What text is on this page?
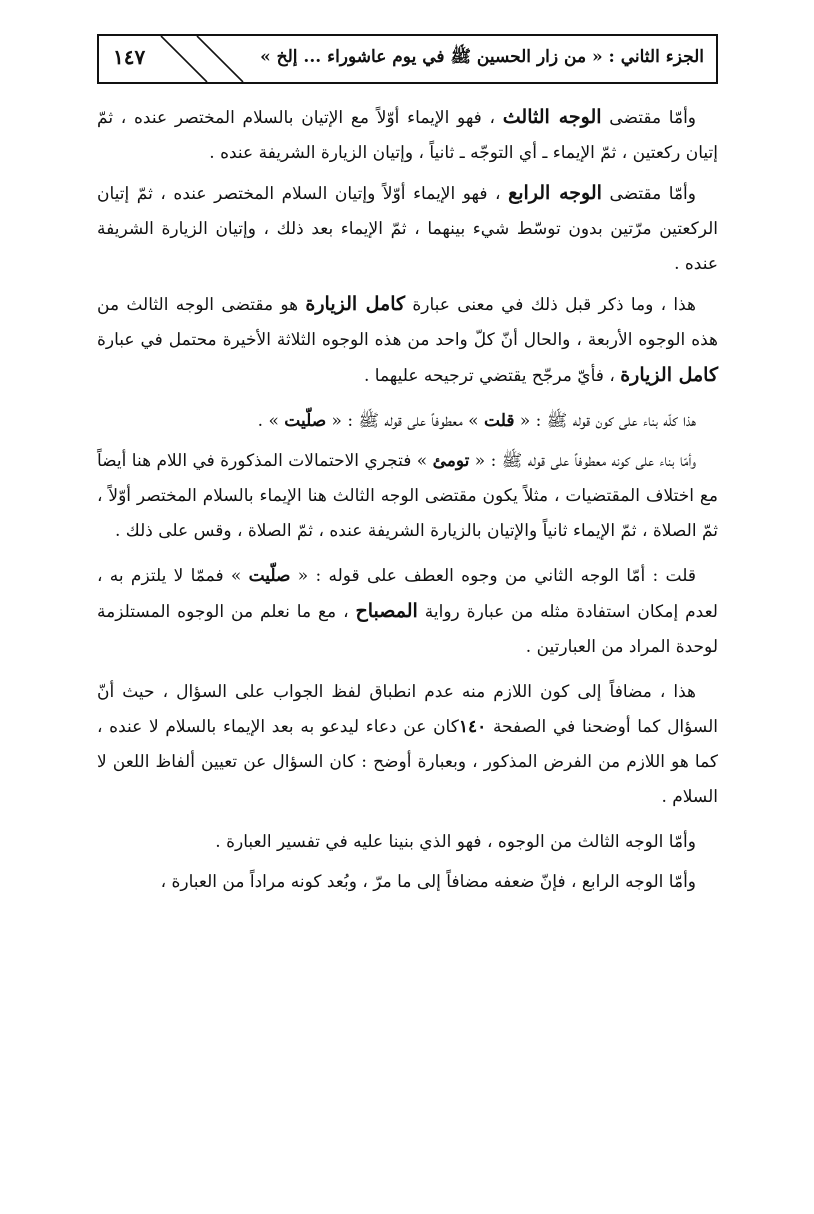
الجزء الثاني : « من زار الحسين ﷺ في يوم عاشوراء ... إلخ »
١٤٧

وأمّا مقتضى الوجه الثالث ، فهو الإيماء أوّلاً مع الإتيان بالسلام المختصر عنده ، ثمّ إتيان ركعتين ، ثمّ الإيماء ـ أي التوجّه ـ ثانياً ، وإتيان الزيارة الشريفة عنده .

وأمّا مقتضى الوجه الرابع ، فهو الإيماء أوّلاً وإتيان السلام المختصر عنده ، ثمّ إتيان الركعتين مرّتين بدون توسّط شيء بينهما ، ثمّ الإيماء بعد ذلك ، وإتيان الزيارة الشريفة عنده .

هذا ، وما ذكر قبل ذلك في معنى عبارة كامل الزيارة هو مقتضى الوجه الثالث من هذه الوجوه الأربعة ، والحال أنّ كلّ واحد من هذه الوجوه الثلاثة الأخيرة محتمل في عبارة كامل الزيارة ، فأيّ مرجّح يقتضي ترجيحه عليهما .

هذا كلّه بناء على كون قوله ﷺ : « قلت » معطوفاً على قوله ﷺ : « صلّيت » .

وأمّا بناء على كونه معطوفاً على قوله ﷺ : « تومئ » فتجري الاحتمالات المذكورة في اللام هنا أيضاً مع اختلاف المقتضيات ، مثلاً يكون مقتضى الوجه الثالث هنا الإيماء بالسلام المختصر أوّلاً ، ثمّ الصلاة ، ثمّ الإيماء ثانياً والإتيان بالزيارة الشريفة عنده ، ثمّ الصلاة ، وقس على ذلك .

قلت : أمّا الوجه الثاني من وجوه العطف على قوله : « صلّيت » فممّا لا يلتزم به ، لعدم إمكان استفادة مثله من عبارة رواية المصباح ، مع ما نعلم من الوجوه المستلزمة لوحدة المراد من العبارتين .

هذا ، مضافاً إلى كون اللازم منه عدم انطباق لفظ الجواب على السؤال ، حيث أنّ السؤال كما أوضحنا في الصفحة ١٤٠كان عن دعاء ليدعو به بعد الإيماء بالسلام لا عنده ، كما هو اللازم من الفرض المذكور ، وبعبارة أوضح : كان السؤال عن تعيين ألفاظ اللعن لا السلام .

وأمّا الوجه الثالث من الوجوه ، فهو الذي بنينا عليه في تفسير العبارة .

وأمّا الوجه الرابع ، فإنّ ضعفه مضافاً إلى ما مرّ ، وبُعد كونه مراداً من العبارة ،
